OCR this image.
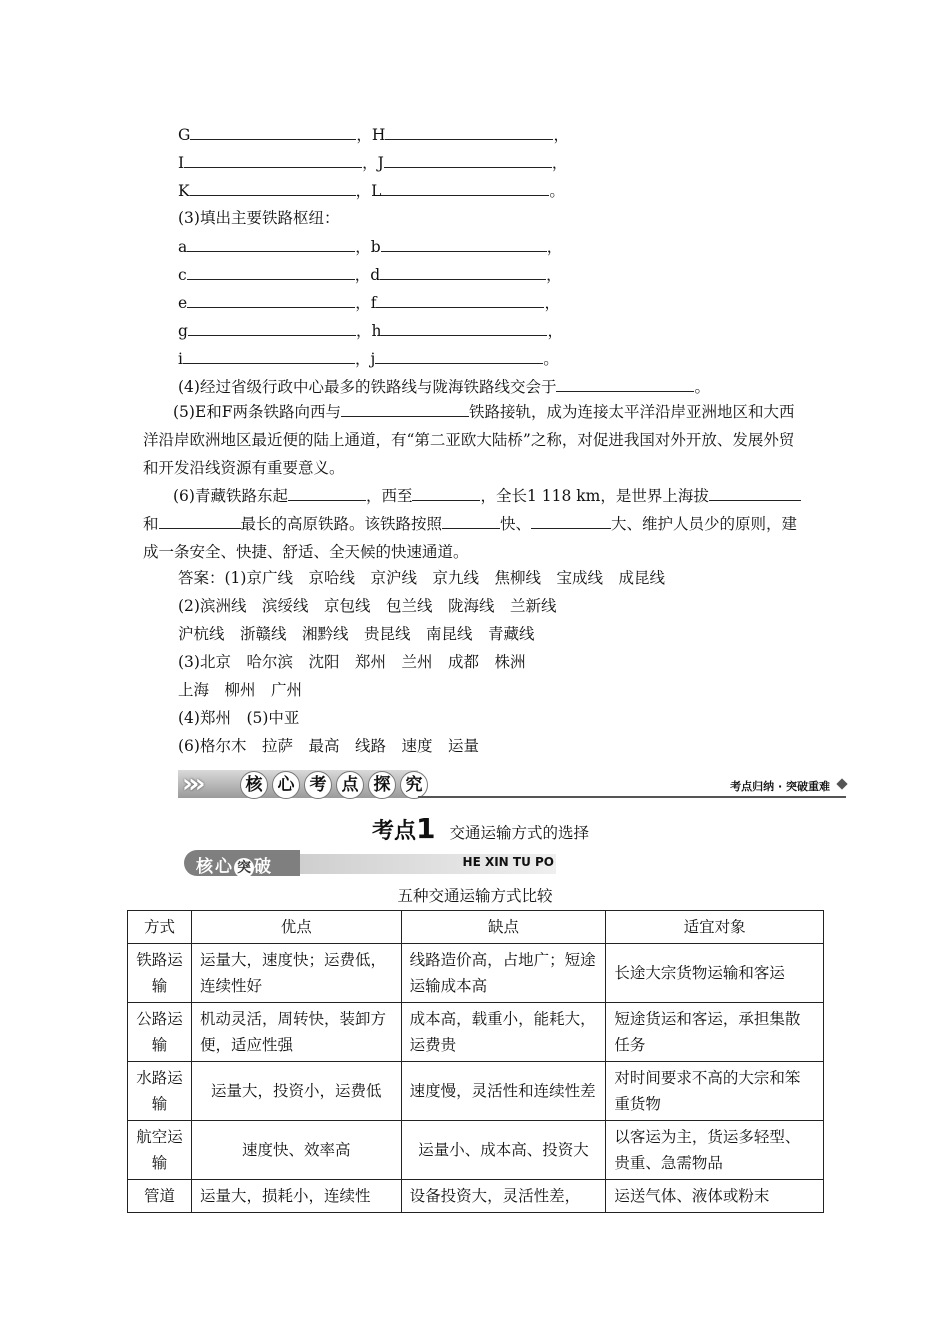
G	，H	，
I	，J	，
K	，L	。
(3)填出主要铁路枢纽：
a	，b	，
c	，d	，
e	，f	，
g	，h	，
i	，j	。
(4)经过省级行政中心最多的铁路线与陇海铁路线交会于	。
(5)E和F两条铁路向西与	铁路接轨，成为连接太平洋沿岸亚洲地区和大西洋沿岸欧洲地区最近便的陆上通道，有“第二亚欧大陆桥”之称，对促进我国对外开放、发展外贸和开发沿线资源有重要意义。
(6)青藏铁路东起	，西至	，全长1 118 km，是世界上海拔和	最长的高原铁路。该铁路按照	快、	大、维护人员少的原则，建成一条安全、快捷、舒适、全天候的快速通道。
答案：(1)京广线　京哈线　京沪线　京九线　焦柳线　宝成线　成昆线
(2)滨洲线　滨绥线　京包线　包兰线　陇海线　兰新线
沪杭线　浙赣线　湘黔线　贵昆线　南昆线　青藏线
(3)北京　哈尔滨　沈阳　郑州　兰州　成都　株洲
上海　柳州　广州
(4)郑州　(5)中亚
(6)格尔木　拉萨　最高　线路　速度　运量
»»	核 心 考 点 探 究	考点归纳 · 突破重难
考点1 交通运输方式的选择
核心 突 破	HE XIN TU PO
五种交通运输方式比较
方式	优点	缺点	适宜对象
铁路运输	运量大，速度快；运费低，连续性好	线路造价高，占地广；短途运输成本高	长途大宗货物运输和客运
公路运输	机动灵活，周转快，装卸方便，适应性强	成本高，载重小，能耗大，运费贵	短途货运和客运，承担集散任务
水路运输	运量大，投资小，运费低	速度慢，灵活性和连续性差	对时间要求不高的大宗和笨重货物
航空运输	速度快、效率高	运量小、成本高、投资大	以客运为主，货运多轻型、贵重、急需物品
管道	运量大，损耗小，连续性	设备投资大，灵活性差，	运送气体、液体或粉末
